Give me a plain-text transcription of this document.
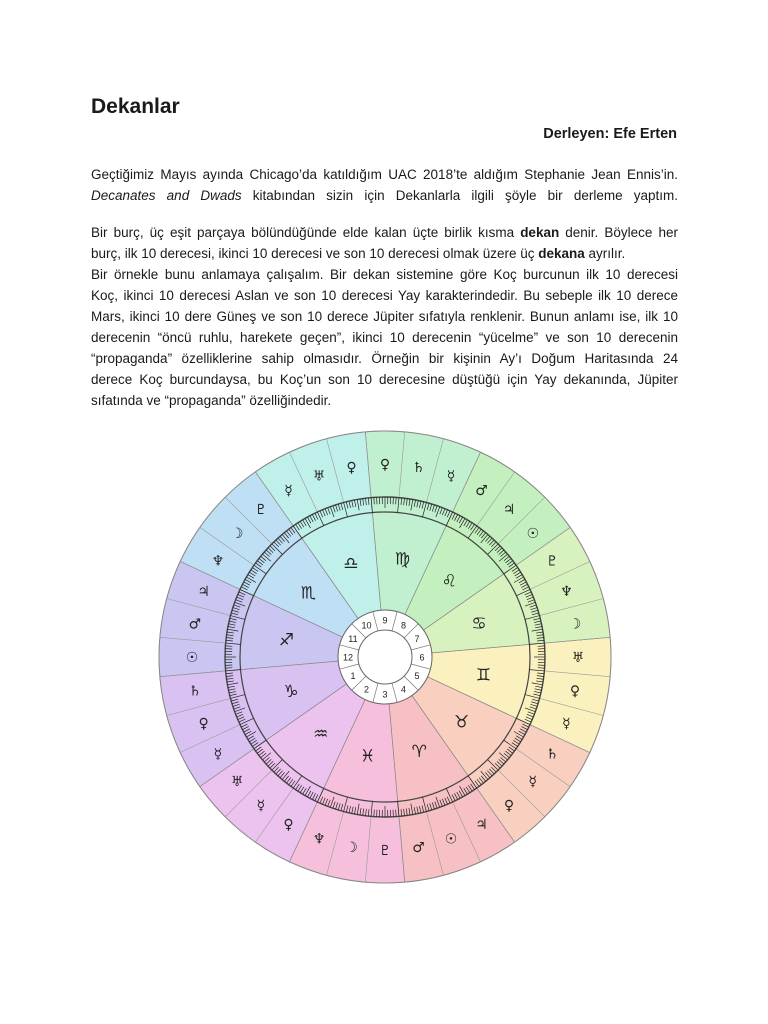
Dekanlar
Derleyen: Efe Erten
Geçtiğimiz Mayıs ayında Chicago’da katıldığım UAC 2018’te aldığım Stephanie Jean Ennis’in.
Decanates and Dwads kitabından sizin için Dekanlarla ilgili şöyle bir derleme yaptım.
Bir burç, üç eşit parçaya bölündüğünde elde kalan üçte birlik kısma dekan denir. Böylece her burç, ilk 10 derecesi, ikinci 10 derecesi ve son 10 derecesi olmak üzere üç dekana ayrılır.
Bir örnekle bunu anlamaya çalışalım. Bir dekan sistemine göre Koç burcunun ilk 10 derecesi
Koç, ikinci 10 derecesi Aslan ve son 10 derecesi Yay karakterindedir. Bu sebeple ilk 10 derece
Mars, ikinci 10 dere Güneş ve son 10 derece Jüpiter sıfatıyla renklenir. Bunun anlamı ise, ilk 10
derecenin “öncü ruhlu, harekete geçen”, ikinci 10 derecenin “yücelme” ve son 10 derecenin
“propaganda” özelliklerine sahip olmasıdır. Örneğin bir kişinin Ay’ı Doğum Haritasında 24
derece Koç burcundaysa, bu Koç’un son 10 derecesine düştüğü için Yay dekanında, Jüpiter
sıfatında ve “propaganda” özelliğindedir.
♂
☉
♃
♈
♀
☿
♄
♉	☿
♀
♅
♊
☽
♆
♇
♋
☉
♃
♂
♌
☿
♄
♀
♍
♀
♅
☿
♎
♇
☽
♆
♏
♃
♂
☉
♐
♄
♀
☿
♑
♅
☿
♀
♒
♆
☽ ♇
♓
1
2 3 4
5
6
7
8
9
10
11
12
